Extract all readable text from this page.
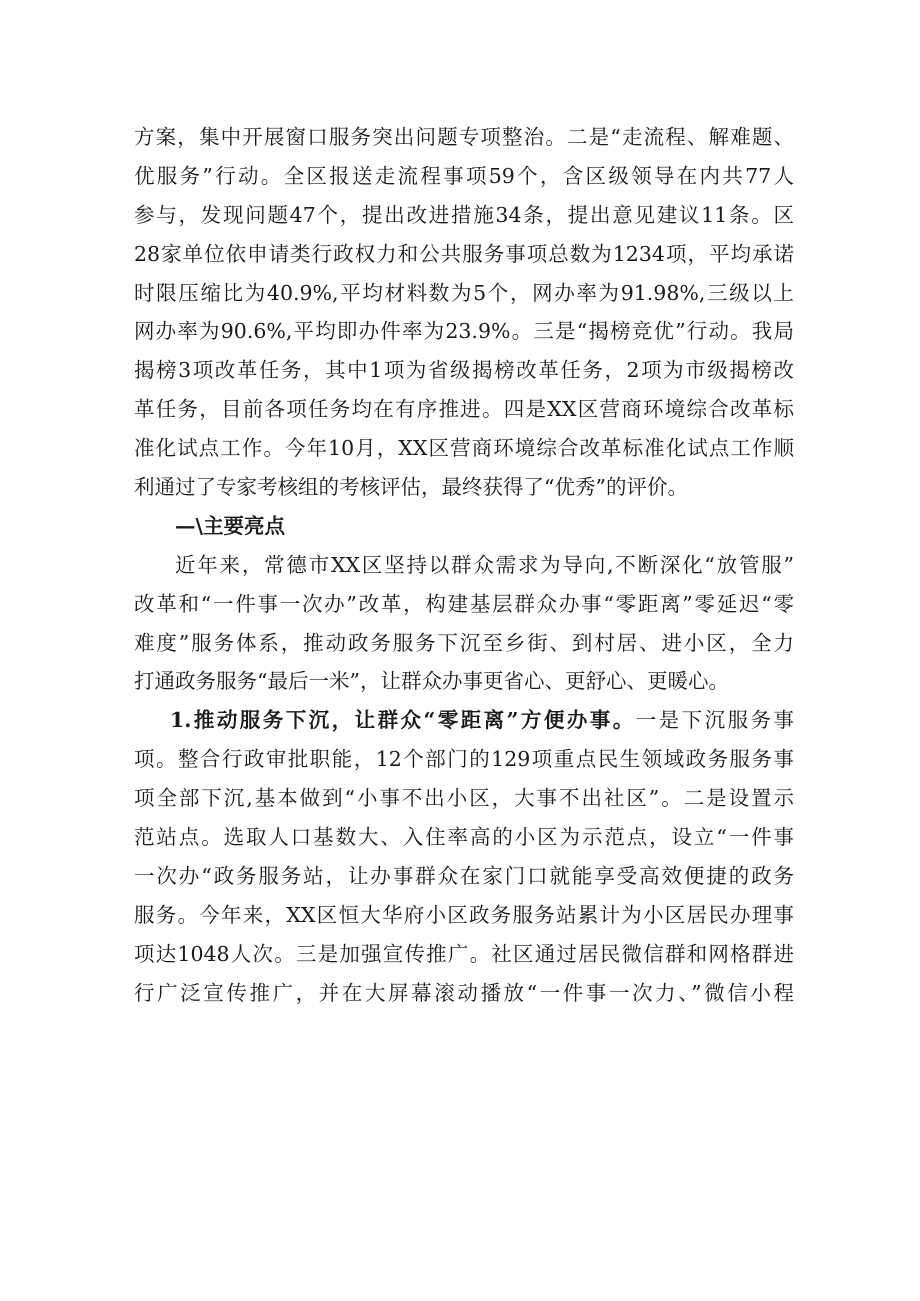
方案，集中开展窗口服务突出问题专项整治。二是“走流程、解难题、
优服务”行动。全区报送走流程事项59个，含区级领导在内共77人
参与，发现问题47个，提出改进措施34条，提出意见建议11条。区
28家单位依申请类行政权力和公共服务事项总数为1234项，平均承诺
时限压缩比为40.9%,平均材料数为5个，网办率为91.98%,三级以上
网办率为90.6%,平均即办件率为23.9%。三是“揭榜竞优”行动。我局
揭榜3项改革任务，其中1项为省级揭榜改革任务，2项为市级揭榜改
革任务，目前各项任务均在有序推进。四是XX区营商环境综合改革标
准化试点工作。今年10月，XX区营商环境综合改革标准化试点工作顺
利通过了专家考核组的考核评估，最终获得了“优秀”的评价。
—\主要亮点
近年来，常德市XX区坚持以群众需求为导向,不断深化“放管服”
改革和“一件事一次办”改革，构建基层群众办事“零距离”零延迟“零
难度”服务体系，推动政务服务下沉至乡街、到村居、进小区，全力
打通政务服务“最后一米”，让群众办事更省心、更舒心、更暖心。
1.推动服务下沉，让群众“零距离”方便办事。一是下沉服务事
项。整合行政审批职能，12个部门的129项重点民生领域政务服务事
项全部下沉,基本做到“小事不出小区，大事不出社区”。二是设置示
范站点。选取人口基数大、入住率高的小区为示范点，设立“一件事
一次办“政务服务站，让办事群众在家门口就能享受高效便捷的政务
服务。今年来，XX区恒大华府小区政务服务站累计为小区居民办理事
项达1048人次。三是加强宣传推广。社区通过居民微信群和网格群进
行广泛宣传推广，并在大屏幕滚动播放“一件事一次力、”微信小程
